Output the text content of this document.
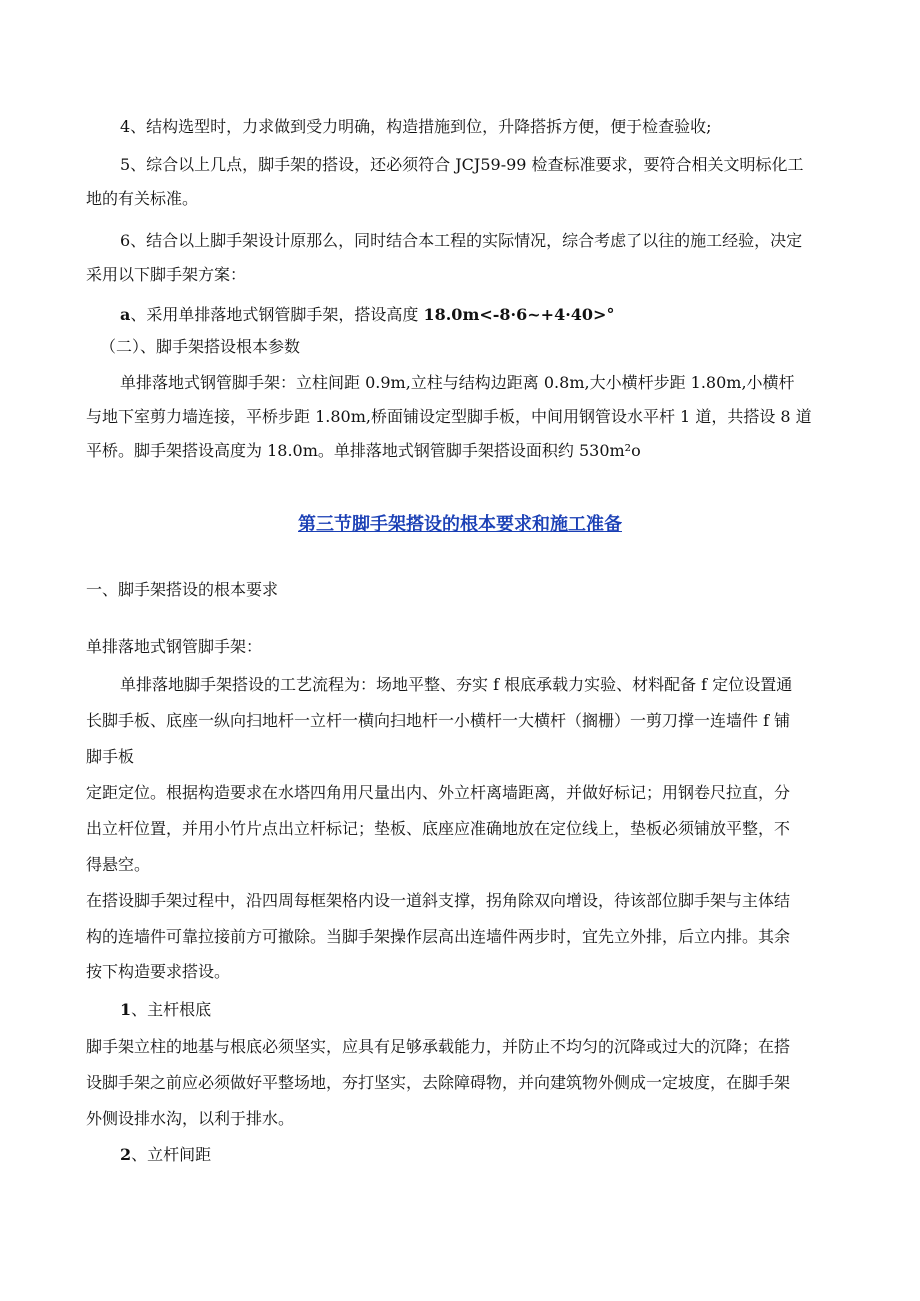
4、结构选型时，力求做到受力明确，构造措施到位，升降搭拆方便，便于检查验收;

5、综合以上几点，脚手架的搭设，还必须符合 JCJ59-99 检查标准要求，要符合相关文明标化工

地的有关标准。

6、结合以上脚手架设计原那么，同时结合本工程的实际情况，综合考虑了以往的施工经验，决定

采用以下脚手架方案：

a、采用单排落地式钢管脚手架，搭设高度 18.0m<-8·6~+4·40>°

（二）、脚手架搭设根本参数

单排落地式钢管脚手架：立柱间距 0.9m,立柱与结构边距离 0.8m,大小横杆步距 1.80m,小横杆

与地下室剪力墙连接，平桥步距 1.80m,桥面铺设定型脚手板，中间用钢管设水平杆 1 道，共搭设 8 道

平桥。脚手架搭设高度为 18.0m。单排落地式钢管脚手架搭设面积约 530m²o

第三节脚手架搭设的根本要求和施工准备

一、脚手架搭设的根本要求

单排落地式钢管脚手架：

单排落地脚手架搭设的工艺流程为：场地平整、夯实 f 根底承载力实验、材料配备 f 定位设置通

长脚手板、底座一纵向扫地杆一立杆一横向扫地杆一小横杆一大横杆（搁栅）一剪刀撑一连墙件 f 铺

脚手板

定距定位。根据构造要求在水塔四角用尺量出内、外立杆离墙距离，并做好标记；用钢卷尺拉直，分

出立杆位置，并用小竹片点出立杆标记；垫板、底座应准确地放在定位线上，垫板必须铺放平整，不

得悬空。

在搭设脚手架过程中，沿四周每框架格内设一道斜支撑，拐角除双向增设，待该部位脚手架与主体结

构的连墙件可靠拉接前方可撤除。当脚手架操作层高出连墙件两步时，宜先立外排，后立内排。其余

按下构造要求搭设。

1、主杆根底

脚手架立柱的地基与根底必须坚实，应具有足够承载能力，并防止不均匀的沉降或过大的沉降；在搭

设脚手架之前应必须做好平整场地，夯打坚实，去除障碍物，并向建筑物外侧成一定坡度，在脚手架

外侧设排水沟，以利于排水。

2、立杆间距
